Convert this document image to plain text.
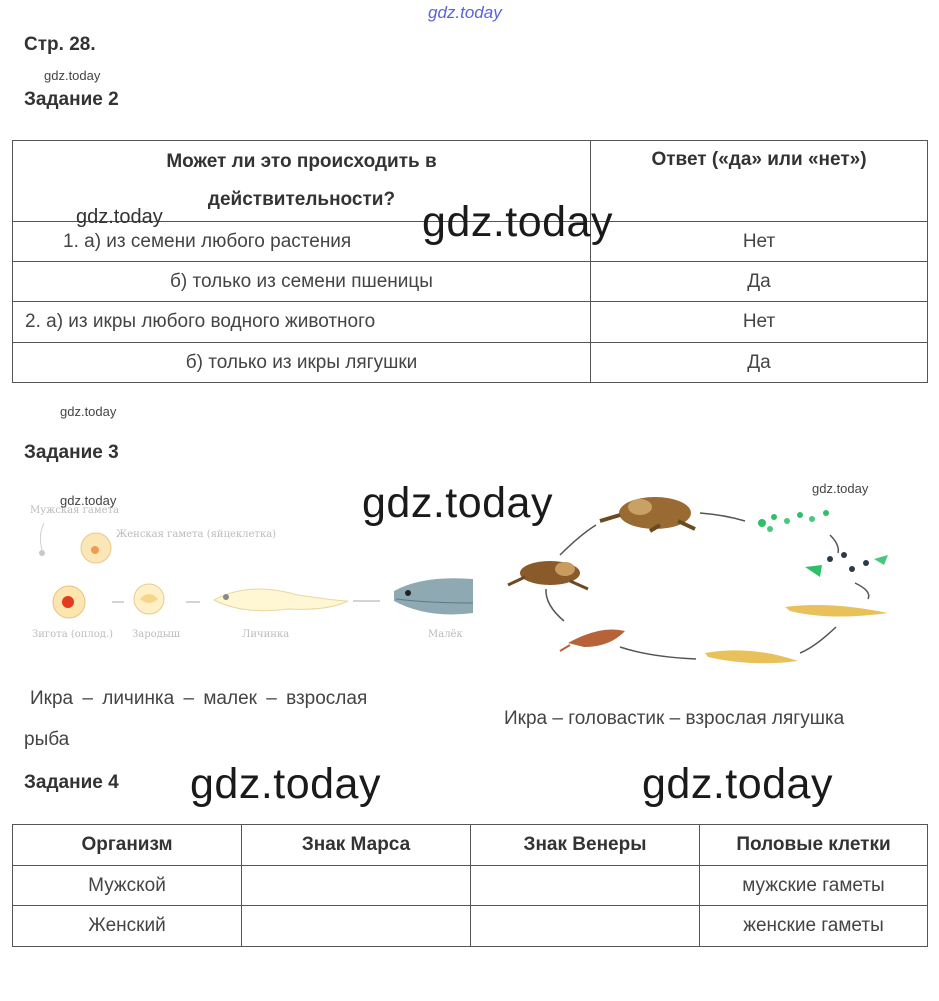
gdz.today
Стр. 28.
gdz.today
Задание 2
Может ли это происходить в действительности?	Ответ («да» или «нет»)
1. а) из семени любого растения	Нет
б) только из семени пшеницы	Да
2. а) из икры любого водного животного	Нет
б) только из икры лягушки	Да
gdz.today	gdz.today
gdz.today
Задание 3
Мужская гамета
Женская гамета (яйцеклетка)
Зигота (оплод.) Зародыш	Личинка	Малёк
gdz.today	gdz.today	gdz.today
Икра – личинка – малек – взрослая
рыба
Икра – головастик – взрослая лягушка
Задание 4 gdz.today	gdz.today
Организм	Знак Марса	Знак Венеры	Половые клетки
Мужской			мужские гаметы
Женский			женские гаметы
